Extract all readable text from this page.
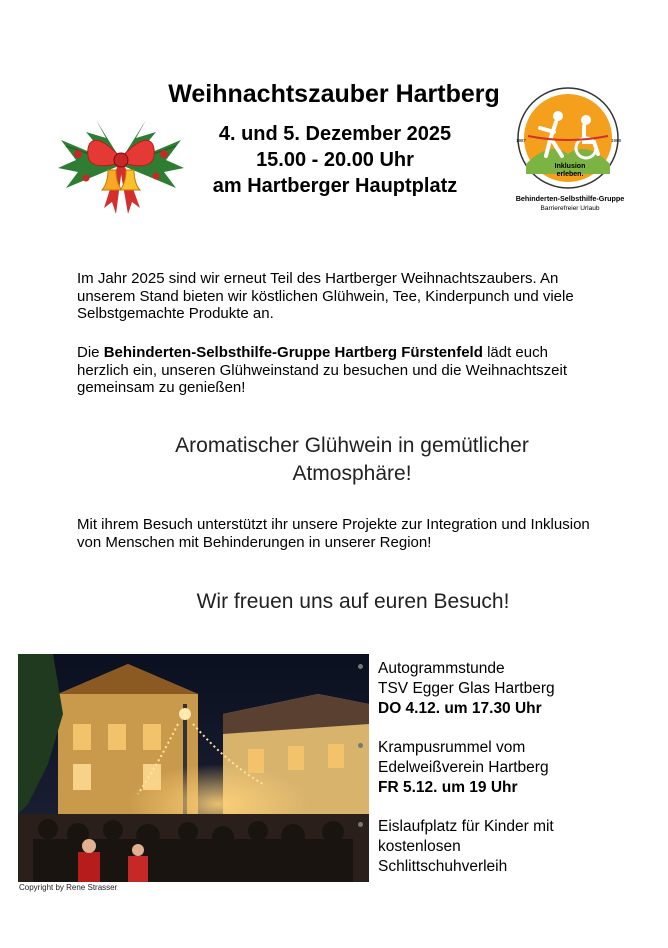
Weihnachtszauber Hartberg
4. und 5. Dezember 2025
15.00 - 20.00 Uhr
am Hartberger Hauptplatz
1987	1988
Inklusion
erleben.
Behinderten-Selbsthilfe-Gruppe
Barrierefreier Urlaub
Im Jahr 2025 sind wir erneut Teil des Hartberger Weihnachtszaubers. An unserem Stand bieten wir köstlichen Glühwein, Tee, Kinderpunch und viele Selbstgemachte Produkte an.
Die Behinderten-Selbsthilfe-Gruppe Hartberg Fürstenfeld lädt euch herzlich ein, unseren Glühweinstand zu besuchen und die Weihnachtszeit gemeinsam zu genießen!
Aromatischer Glühwein in gemütlicher
Atmosphäre!
Mit ihrem Besuch unterstützt ihr unsere Projekte zur Integration und Inklusion von Menschen mit Behinderungen in unserer Region!
Wir freuen uns auf euren Besuch!
Copyright by Rene Strasser
Autogrammstunde
TSV Egger Glas Hartberg
DO 4.12. um 17.30 Uhr
Krampusrummel vom
Edelweißverein Hartberg
FR 5.12. um 19 Uhr
Eislaufplatz für Kinder mit
kostenlosen
Schlittschuhverleih
